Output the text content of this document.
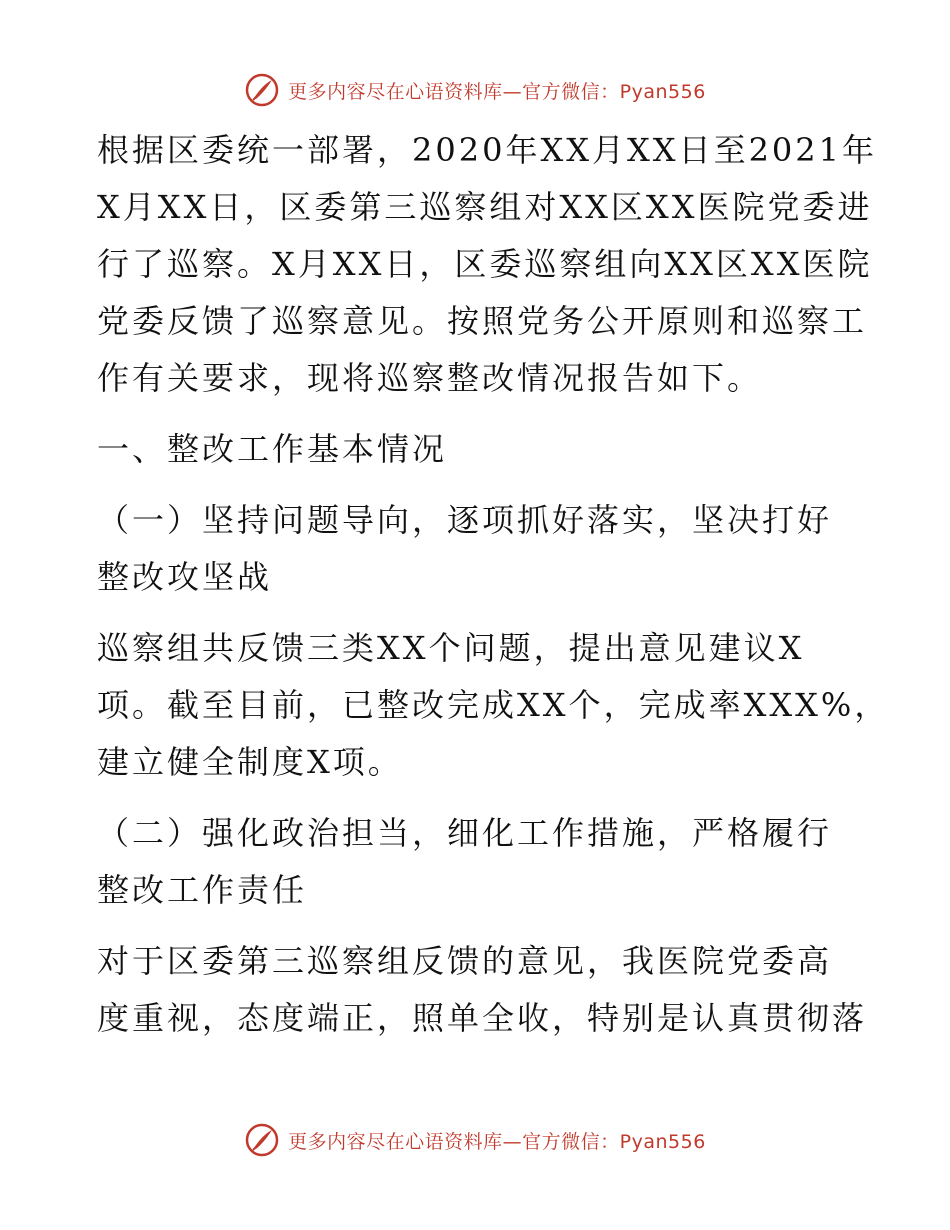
更多内容尽在心语资料库—官方微信：Pyan556

根据区委统一部署，2020年XX月XX日至2021年
X月XX日，区委第三巡察组对XX区XX医院党委进
行了巡察。X月XX日，区委巡察组向XX区XX医院
党委反馈了巡察意见。按照党务公开原则和巡察工
作有关要求，现将巡察整改情况报告如下。

一、整改工作基本情况

（一）坚持问题导向，逐项抓好落实，坚决打好
整改攻坚战

巡察组共反馈三类XX个问题，提出意见建议X
项。截至目前，已整改完成XX个，完成率XXX%，
建立健全制度X项。

（二）强化政治担当，细化工作措施，严格履行
整改工作责任

对于区委第三巡察组反馈的意见，我医院党委高
度重视，态度端正，照单全收，特别是认真贯彻落

更多内容尽在心语资料库—官方微信：Pyan556
